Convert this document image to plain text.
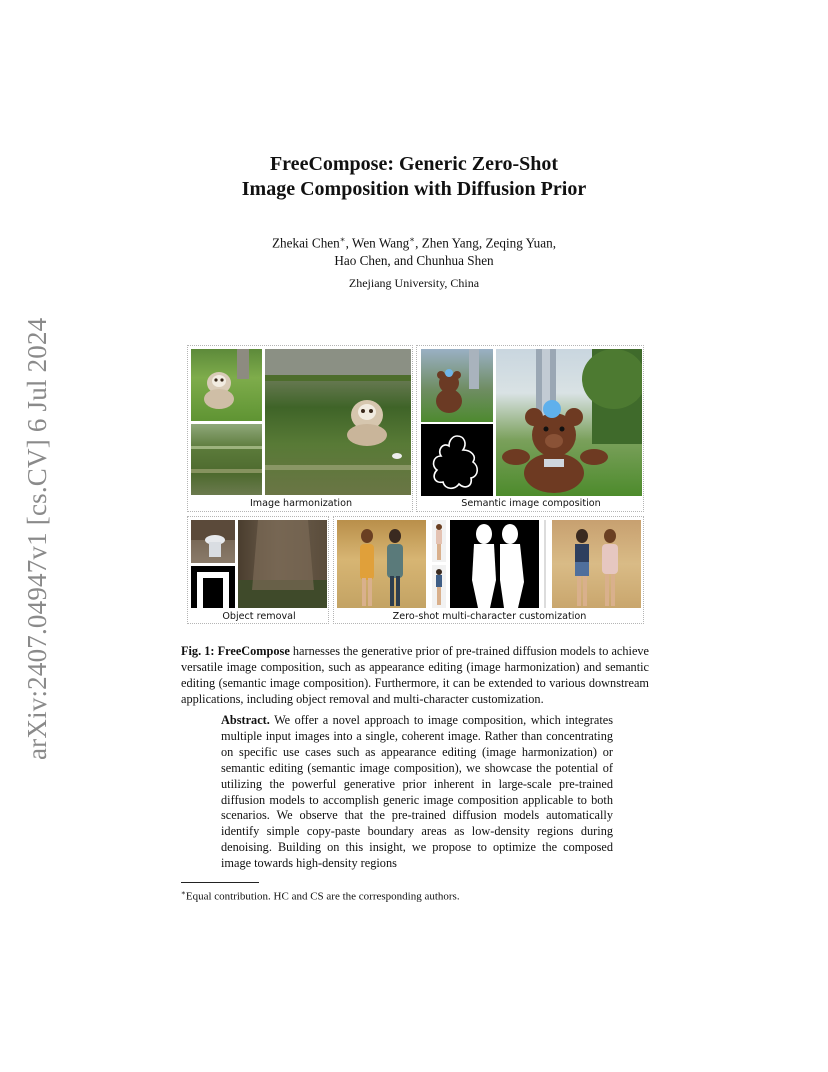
arXiv:2407.04947v1 [cs.CV] 6 Jul 2024
FreeCompose: Generic Zero-Shot
Image Composition with Diffusion Prior
Zhekai Chen∗, Wen Wang∗, Zhen Yang, Zeqing Yuan,
Hao Chen, and Chunhua Shen
Zhejiang University, China
Image harmonization	Semantic image composition
Object removal	Zero-shot multi-character customization
Fig. 1: FreeCompose harnesses the generative prior of pre-trained diffusion models to achieve versatile image composition, such as appearance editing (image harmonization) and semantic editing (semantic image composition). Furthermore, it can be extended to various downstream applications, including object removal and multi-character customization.
Abstract. We offer a novel approach to image composition, which integrates multiple input images into a single, coherent image. Rather than concentrating on specific use cases such as appearance editing (image harmonization) or semantic editing (semantic image composition), we showcase the potential of utilizing the powerful generative prior inherent in large-scale pre-trained diffusion models to accomplish generic image composition applicable to both scenarios. We observe that the pre-trained diffusion models automatically identify simple copy-paste boundary areas as low-density regions during denoising. Building on this insight, we propose to optimize the composed image towards high-density regions
∗Equal contribution. HC and CS are the corresponding authors.
